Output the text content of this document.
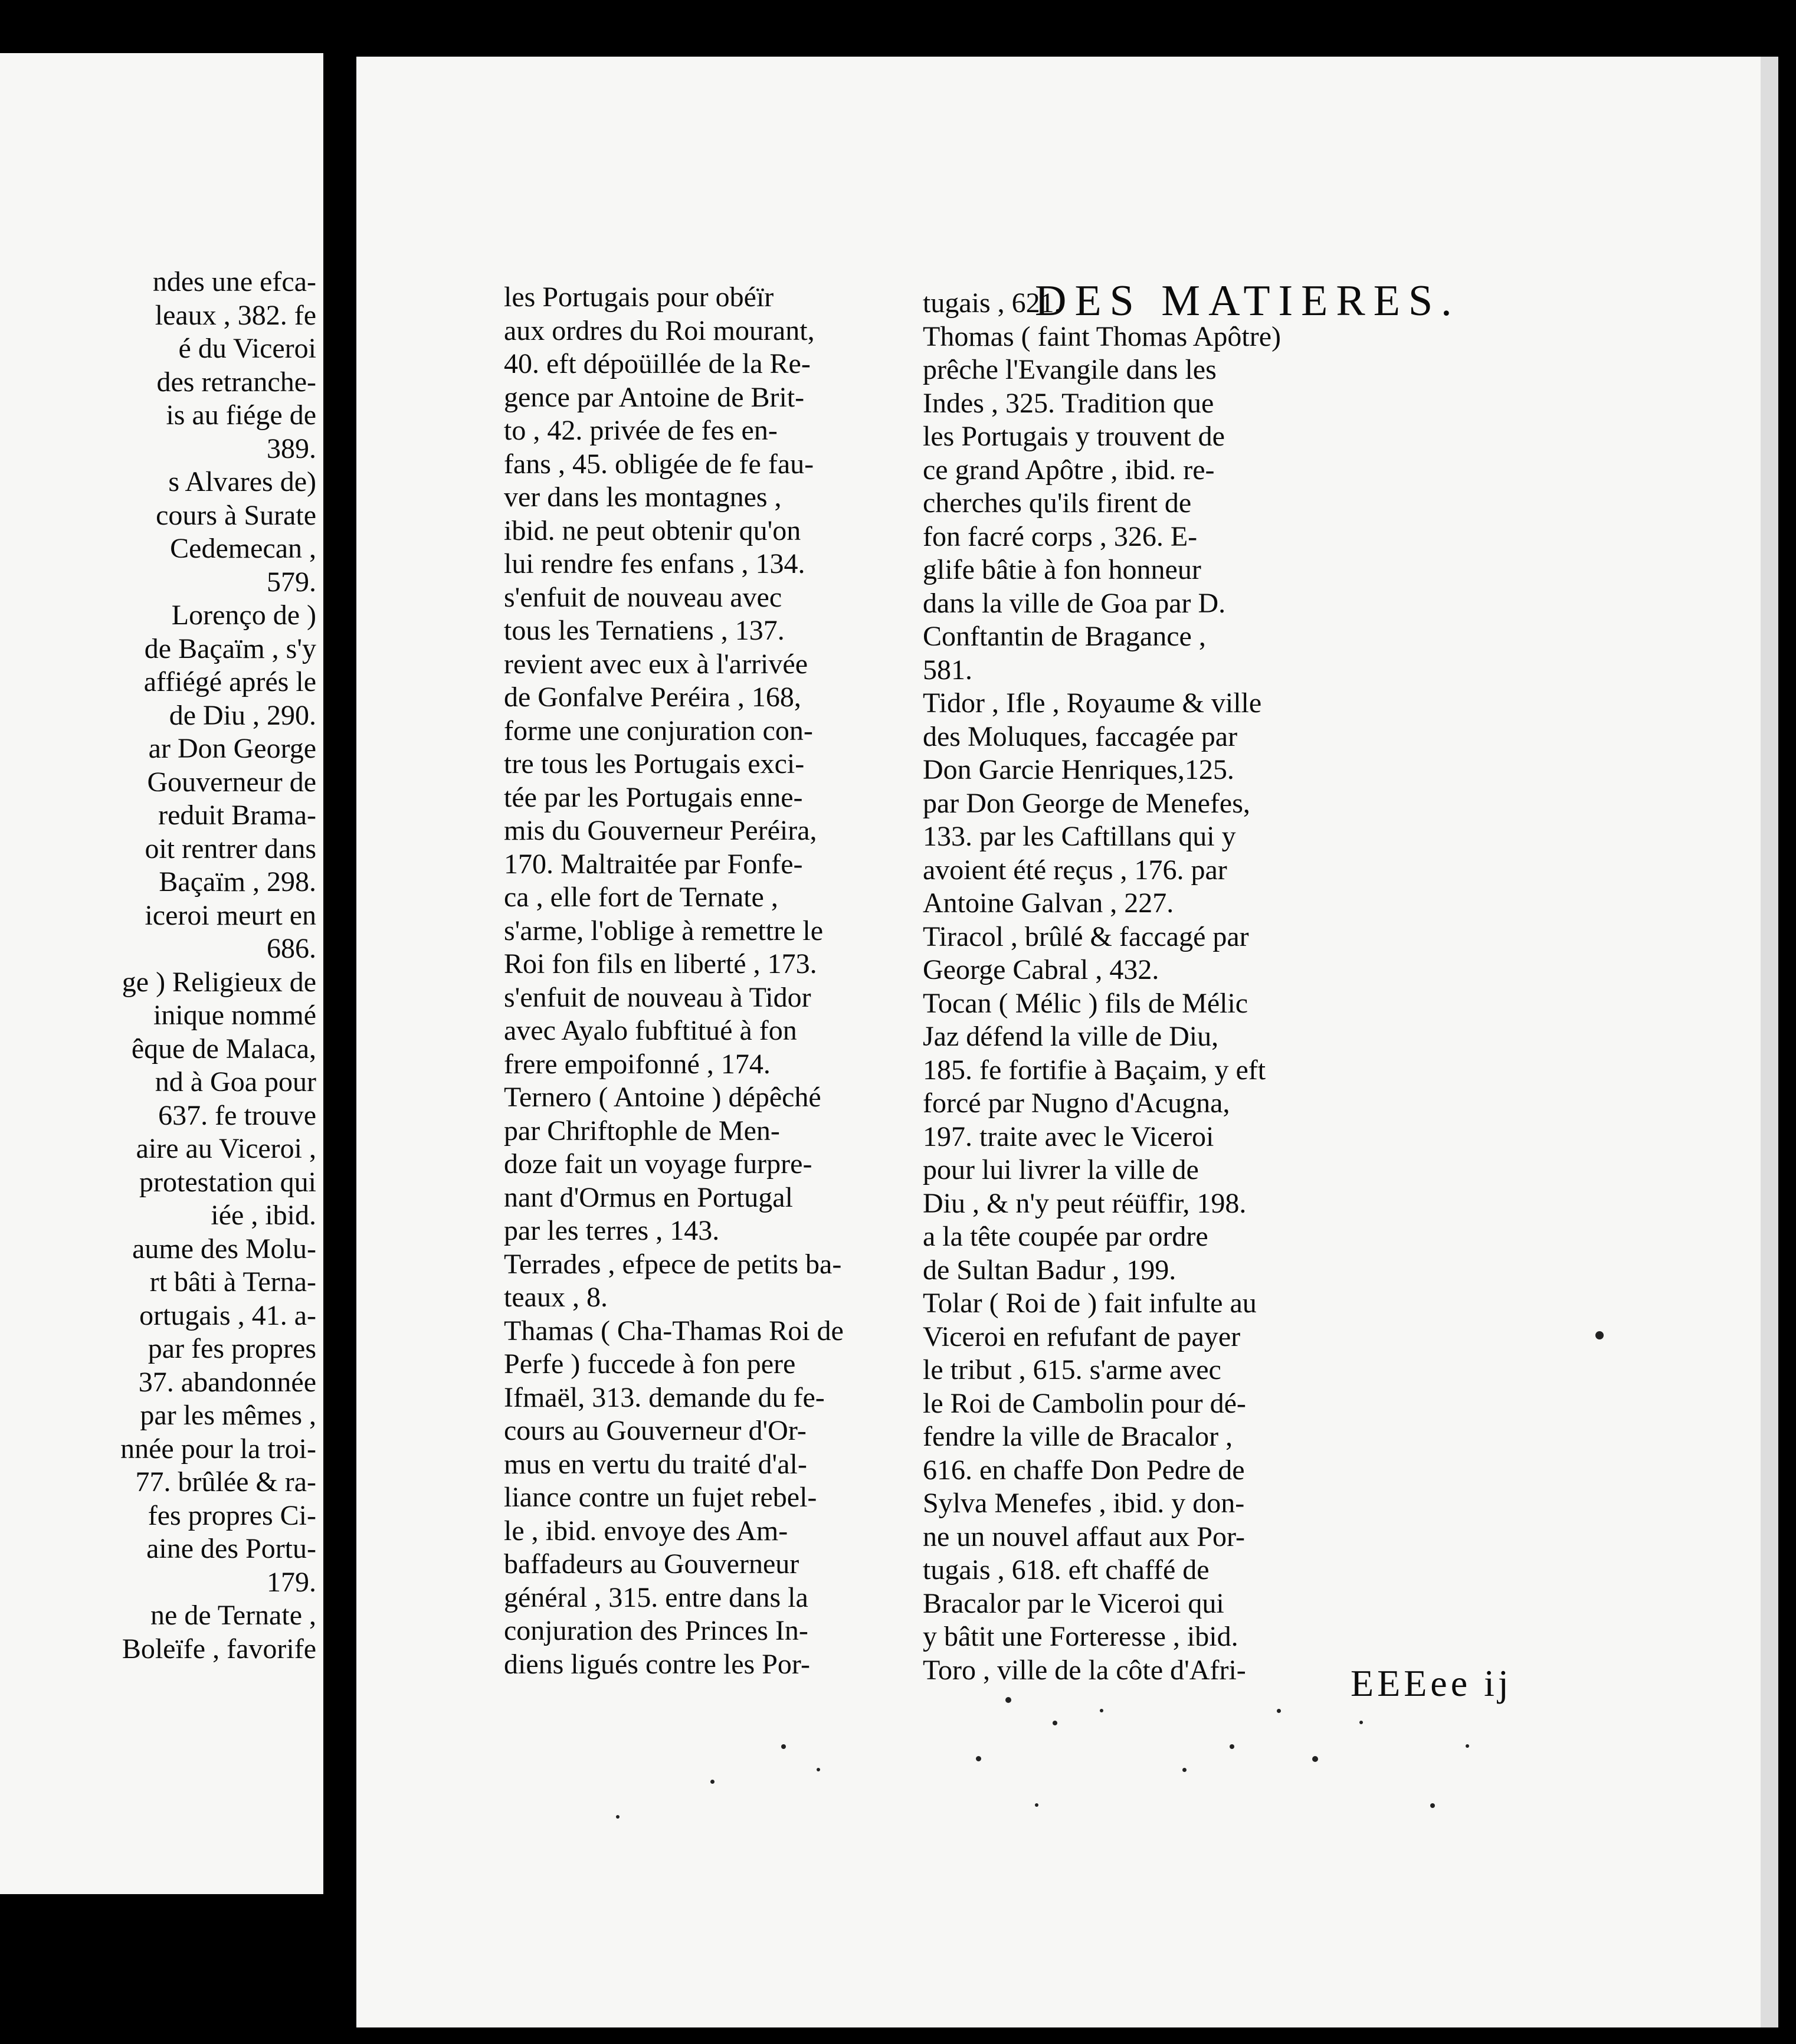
ndes une efca-
leaux , 382. fe
é du Viceroi
des retranche-
is au fiége de
389.
s Alvares de)
cours à Surate
Cedemecan ,
579.
Lorenço de )
de Baçaïm , s'y
affiégé aprés le
de Diu , 290.
ar Don George
Gouverneur de
reduit Brama-
oit rentrer dans
Baçaïm , 298.
iceroi meurt en
686.
ge ) Religieux de
inique nommé
êque de Malaca,
nd à Goa pour
637. fe trouve
aire au Viceroi ,
protestation qui
iée , ibid.
aume des Molu-
rt bâti à Terna-
ortugais , 41. a-
par fes propres
37. abandonnée
par les mêmes ,
nnée pour la troi-
77. brûlée & ra-
fes propres Ci-
aine des Portu-
179.
ne de Ternate ,
Boleïfe , favorife
DES MATIERES.
les Portugais pour obéïr
aux ordres du Roi mourant,
40. eft dépoüillée de la Re-
gence par Antoine de Brit-
to , 42. privée de fes en-
fans , 45. obligée de fe fau-
ver dans les montagnes ,
ibid. ne peut obtenir qu'on
lui rendre fes enfans , 134.
s'enfuit de nouveau avec
tous les Ternatiens , 137.
revient avec eux à l'arrivée
de Gonfalve Peréira , 168,
forme une conjuration con-
tre tous les Portugais exci-
tée par les Portugais enne-
mis du Gouverneur Peréira,
170. Maltraitée par Fonfe-
ca , elle fort de Ternate ,
s'arme, l'oblige à remettre le
Roi fon fils en liberté , 173.
s'enfuit de nouveau à Tidor
avec Ayalo fubftitué à fon
frere empoifonné , 174.
Ternero ( Antoine ) dépêché
par Chriftophle de Men-
doze fait un voyage furpre-
nant d'Ormus en Portugal
par les terres , 143.
Terrades , efpece de petits ba-
teaux , 8.
Thamas ( Cha-Thamas Roi de
Perfe ) fuccede à fon pere
Ifmaël, 313. demande du fe-
cours au Gouverneur d'Or-
mus en vertu du traité d'al-
liance contre un fujet rebel-
le , ibid. envoye des Am-
baffadeurs au Gouverneur
général , 315. entre dans la
conjuration des Princes In-
diens ligués contre les Por-
tugais , 621.
Thomas ( faint Thomas Apôtre)
prêche l'Evangile dans les
Indes , 325. Tradition que
les Portugais y trouvent de
ce grand Apôtre , ibid. re-
cherches qu'ils firent de
fon facré corps , 326. E-
glife bâtie à fon honneur
dans la ville de Goa par D.
Conftantin de Bragance ,
581.
Tidor , Ifle , Royaume & ville
des Moluques, faccagée par
Don Garcie Henriques,125.
par Don George de Menefes,
133. par les Caftillans qui y
avoient été reçus , 176. par
Antoine Galvan , 227.
Tiracol , brûlé & faccagé par
George Cabral , 432.
Tocan ( Mélic ) fils de Mélic
Jaz défend la ville de Diu,
185. fe fortifie à Baçaim, y eft
forcé par Nugno d'Acugna,
197. traite avec le Viceroi
pour lui livrer la ville de
Diu , & n'y peut réüffir, 198.
a la tête coupée par ordre
de Sultan Badur , 199.
Tolar ( Roi de ) fait infulte au
Viceroi en refufant de payer
le tribut , 615. s'arme avec
le Roi de Cambolin pour dé-
fendre la ville de Bracalor ,
616. en chaffe Don Pedre de
Sylva Menefes , ibid. y don-
ne un nouvel affaut aux Por-
tugais , 618. eft chaffé de
Bracalor par le Viceroi qui
y bâtit une Forteresse , ibid.
Toro , ville de la côte d'Afri-	EEEee ij
